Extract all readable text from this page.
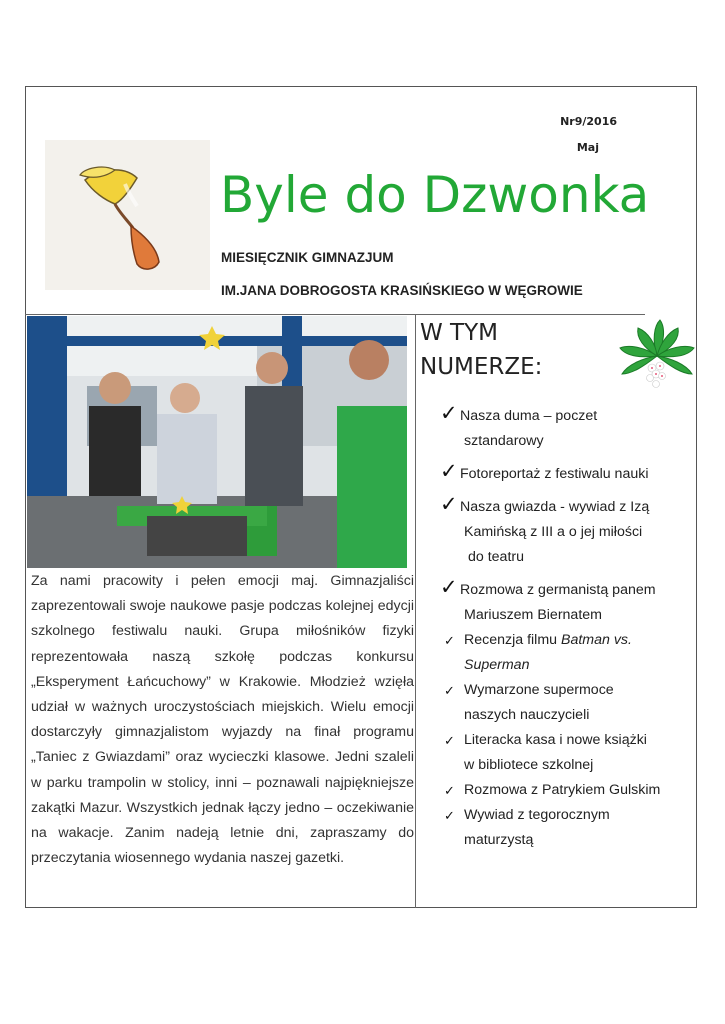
Nr9/2016
Maj
Byle do Dzwonka
MIESIĘCZNIK GIMNAZJUM
IM.JANA DOBROGOSTA KRASIŃSKIEGO W WĘGROWIE

Za nami pracowity i pełen emocji maj. Gimnazjaliści zaprezentowali swoje naukowe pasje podczas kolejnej edycji szkolnego festiwalu nauki. Grupa miłośników fizyki reprezentowała naszą szkołę podczas konkursu „Eksperyment Łańcuchowy” w Krakowie. Młodzież wzięła udział w ważnych uroczystościach miejskich. Wielu emocji dostarczyły gimnazjalistom wyjazdy na finał programu „Taniec z Gwiazdami” oraz wycieczki klasowe. Jedni szaleli w parku trampolin w stolicy, inni – poznawali najpiękniejsze zakątki Mazur. Wszystkich jednak łączy jedno – oczekiwanie na wakacje. Zanim nadeją letnie dni, zapraszamy do przeczytania wiosennego wydania naszej gazetki.

W TYM
NUMERZE:
✓ Nasza duma – poczet
sztandarowy
✓ Fotoreportaż z festiwalu nauki
✓ Nasza gwiazda - wywiad z Izą
Kamińską z III a o jej miłości
do teatru
✓ Rozmowa z germanistą panem
Mariuszem Biernatem
✓ Recenzja filmu Batman vs.
Superman
✓ Wymarzone supermoce
naszych nauczycieli
✓ Literacka kasa i nowe książki
w bibliotece szkolnej
✓ Rozmowa z Patrykiem Gulskim
✓ Wywiad z tegorocznym
maturzystą
